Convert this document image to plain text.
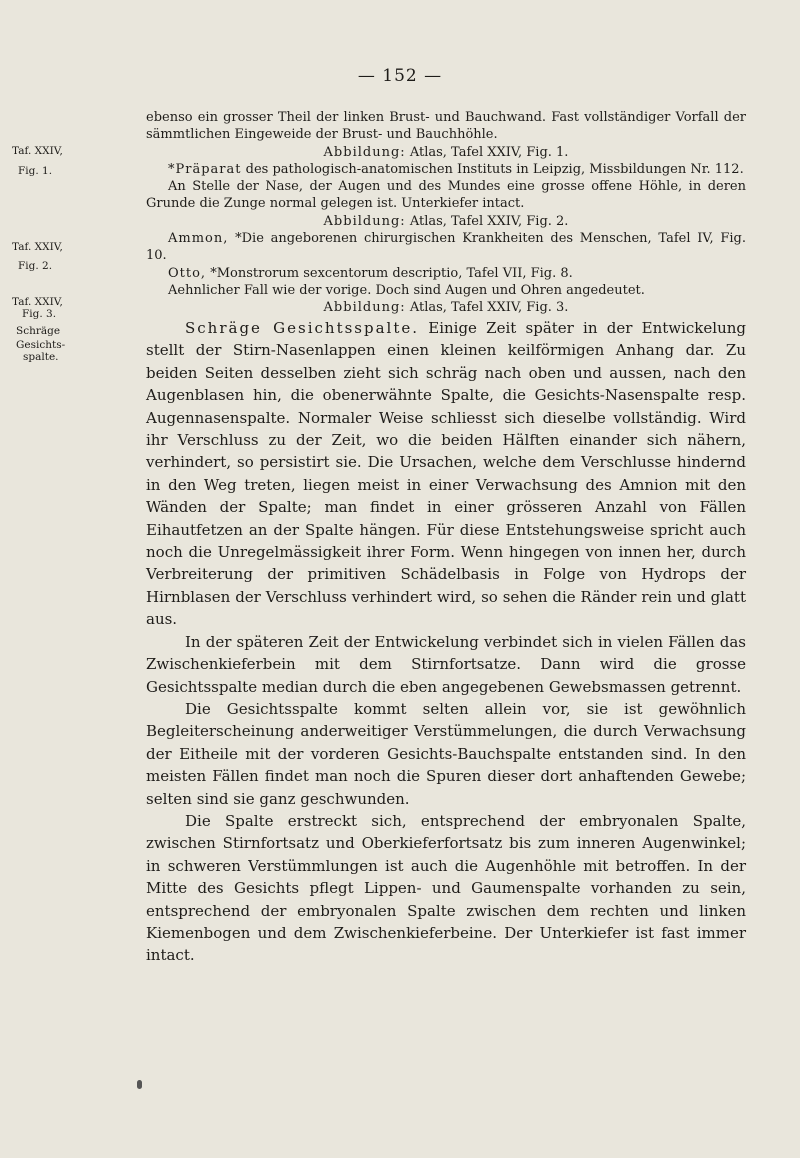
— 152 —
Taf. XXIV,
Fig. 1.
Taf. XXIV,
Fig. 2.
Taf. XXIV,
Fig. 3.
Schräge
Gesichts-
spalte.

ebenso ein grosser Theil der linken Brust- und Bauchwand. Fast vollständiger Vorfall der sämmtlichen Eingeweide der Brust- und Bauchhöhle.

Abbildung: Atlas, Tafel XXIV, Fig. 1.

*Präparat des pathologisch-anatomischen Instituts in Leipzig, Missbildungen Nr. 112.

An Stelle der Nase, der Augen und des Mundes eine grosse offene Höhle, in deren Grunde die Zunge normal gelegen ist. Unterkiefer intact.

Abbildung: Atlas, Tafel XXIV, Fig. 2.

Ammon, *Die angeborenen chirurgischen Krankheiten des Menschen, Tafel IV, Fig. 10.

Otto, *Monstrorum sexcentorum descriptio, Tafel VII, Fig. 8.

Aehnlicher Fall wie der vorige. Doch sind Augen und Ohren angedeutet.

Abbildung: Atlas, Tafel XXIV, Fig. 3.

Schräge Gesichtsspalte. Einige Zeit später in der Entwickelung stellt der Stirn-Nasenlappen einen kleinen keilförmigen Anhang dar. Zu beiden Seiten desselben zieht sich schräg nach oben und aussen, nach den Augenblasen hin, die obenerwähnte Spalte, die Gesichts-Nasenspalte resp. Augennasenspalte. Normaler Weise schliesst sich dieselbe vollständig. Wird ihr Verschluss zu der Zeit, wo die beiden Hälften einander sich nähern, verhindert, so persistirt sie. Die Ursachen, welche dem Verschlusse hindernd in den Weg treten, liegen meist in einer Verwachsung des Amnion mit den Wänden der Spalte; man findet in einer grösseren Anzahl von Fällen Eihautfetzen an der Spalte hängen. Für diese Entstehungsweise spricht auch noch die Unregelmässigkeit ihrer Form. Wenn hingegen von innen her, durch Verbreiterung der primitiven Schädelbasis in Folge von Hydrops der Hirnblasen der Verschluss verhindert wird, so sehen die Ränder rein und glatt aus.

In der späteren Zeit der Entwickelung verbindet sich in vielen Fällen das Zwischenkieferbein mit dem Stirnfortsatze. Dann wird die grosse Gesichtsspalte median durch die eben angegebenen Gewebsmassen getrennt.

Die Gesichtsspalte kommt selten allein vor, sie ist gewöhnlich Begleiterscheinung anderweitiger Verstümmelungen, die durch Verwachsung der Eitheile mit der vorderen Gesichts-Bauchspalte entstanden sind. In den meisten Fällen findet man noch die Spuren dieser dort anhaftenden Gewebe; selten sind sie ganz geschwunden.

Die Spalte erstreckt sich, entsprechend der embryonalen Spalte, zwischen Stirnfortsatz und Oberkieferfortsatz bis zum inneren Augenwinkel; in schweren Verstümmlungen ist auch die Augenhöhle mit betroffen. In der Mitte des Gesichts pflegt Lippen- und Gaumenspalte vorhanden zu sein, entsprechend der embryonalen Spalte zwischen dem rechten und linken Kiemenbogen und dem Zwischenkieferbeine. Der Unterkiefer ist fast immer intact.
